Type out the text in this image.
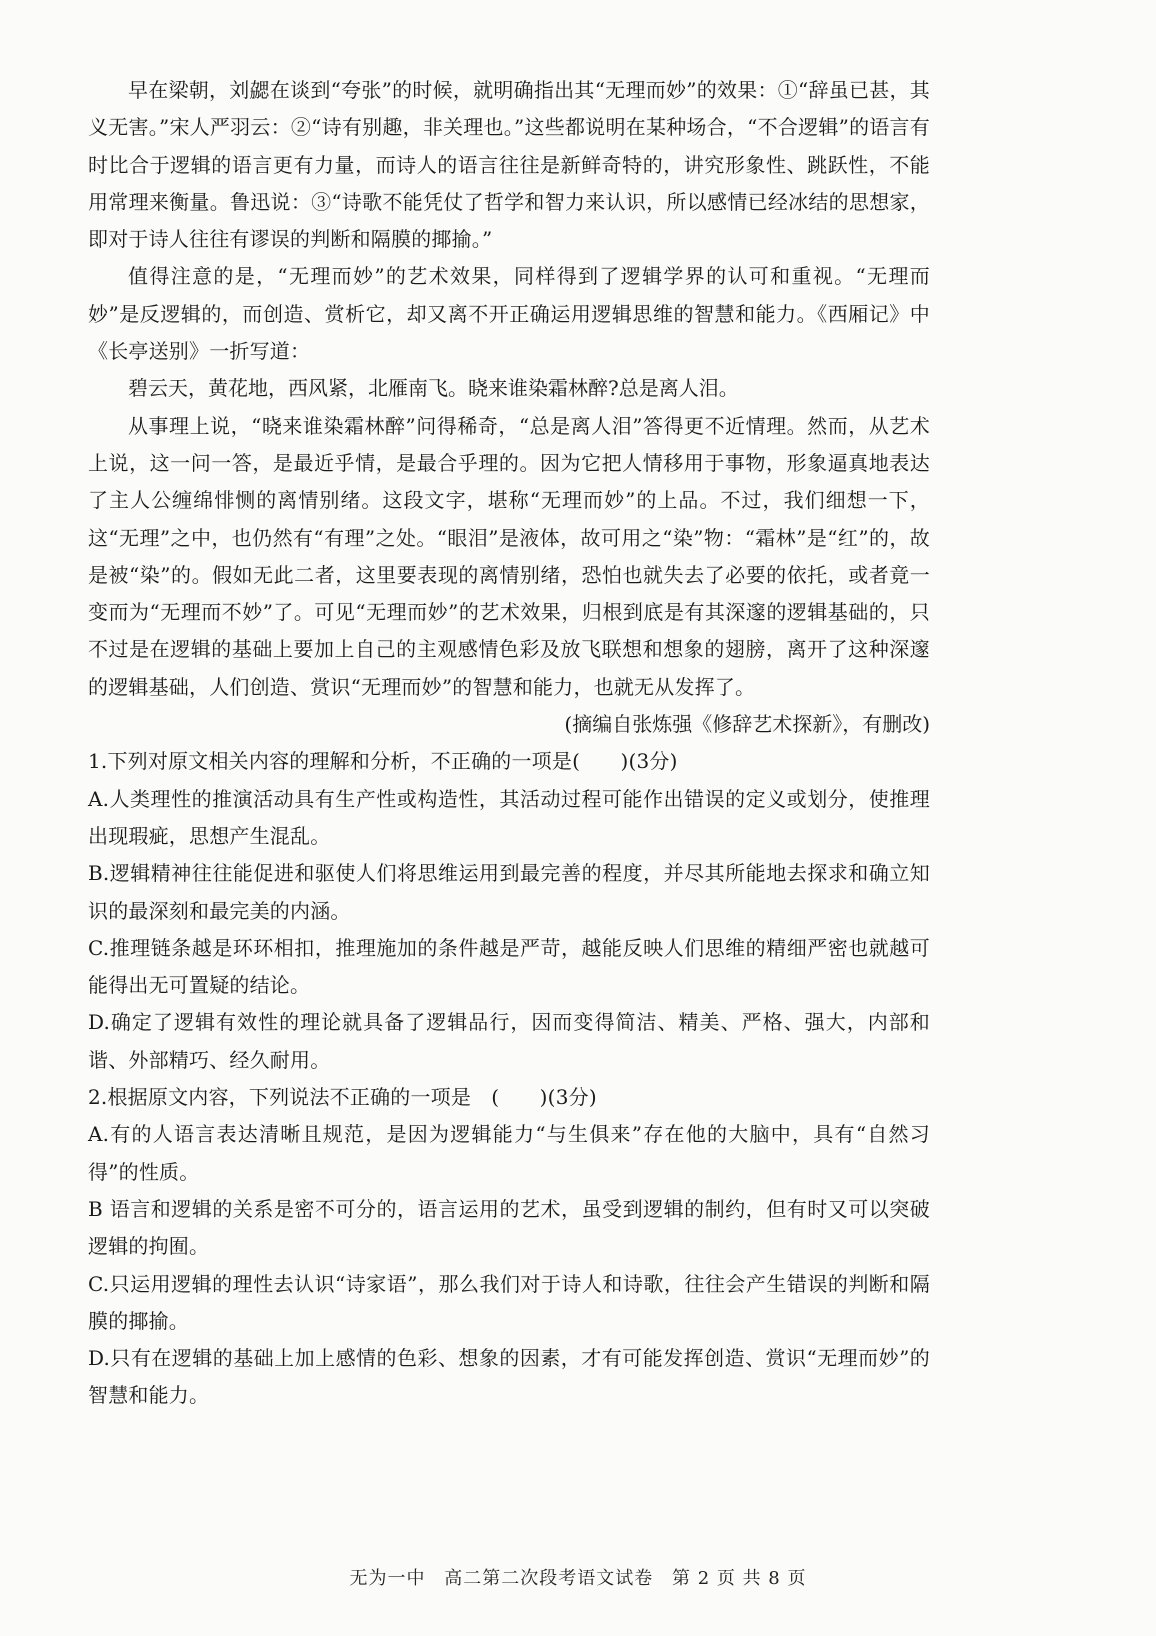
早在梁朝，刘勰在谈到“夸张”的时候，就明确指出其“无理而妙”的效果：①“辞虽已甚，其义无害。”宋人严羽云：②“诗有别趣，非关理也。”这些都说明在某种场合，“不合逻辑”的语言有时比合于逻辑的语言更有力量，而诗人的语言往往是新鲜奇特的，讲究形象性、跳跃性，不能用常理来衡量。鲁迅说：③“诗歌不能凭仗了哲学和智力来认识，所以感情已经冰结的思想家，即对于诗人往往有谬误的判断和隔膜的揶揄。”

值得注意的是，“无理而妙”的艺术效果，同样得到了逻辑学界的认可和重视。“无理而妙”是反逻辑的，而创造、赏析它，却又离不开正确运用逻辑思维的智慧和能力。《西厢记》中《长亭送别》一折写道：

碧云天，黄花地，西风紧，北雁南飞。晓来谁染霜林醉?总是离人泪。

从事理上说，“晓来谁染霜林醉”问得稀奇，“总是离人泪”答得更不近情理。然而，从艺术上说，这一问一答，是最近乎情，是最合乎理的。因为它把人情移用于事物，形象逼真地表达了主人公缠绵悱恻的离情别绪。这段文字，堪称“无理而妙”的上品。不过，我们细想一下，这“无理”之中，也仍然有“有理”之处。“眼泪”是液体，故可用之“染”物：“霜林”是“红”的，故是被“染”的。假如无此二者，这里要表现的离情别绪，恐怕也就失去了必要的依托，或者竟一变而为“无理而不妙”了。可见“无理而妙”的艺术效果，归根到底是有其深邃的逻辑基础的，只不过是在逻辑的基础上要加上自己的主观感情色彩及放飞联想和想象的翅膀，离开了这种深邃的逻辑基础，人们创造、赏识“无理而妙”的智慧和能力，也就无从发挥了。

(摘编自张炼强《修辞艺术探新》，有删改)

1.下列对原文相关内容的理解和分析，不正确的一项是(　　)(3分)

A.人类理性的推演活动具有生产性或构造性，其活动过程可能作出错误的定义或划分，使推理出现瑕疵，思想产生混乱。

B.逻辑精神往往能促进和驱使人们将思维运用到最完善的程度，并尽其所能地去探求和确立知识的最深刻和最完美的内涵。

C.推理链条越是环环相扣，推理施加的条件越是严苛，越能反映人们思维的精细严密也就越可能得出无可置疑的结论。

D.确定了逻辑有效性的理论就具备了逻辑品行，因而变得简洁、精美、严格、强大，内部和谐、外部精巧、经久耐用。

2.根据原文内容，下列说法不正确的一项是　(　　)(3分)

A.有的人语言表达清晰且规范，是因为逻辑能力“与生俱来”存在他的大脑中，具有“自然习得”的性质。

B 语言和逻辑的关系是密不可分的，语言运用的艺术，虽受到逻辑的制约，但有时又可以突破逻辑的拘囿。

C.只运用逻辑的理性去认识“诗家语”，那么我们对于诗人和诗歌，往往会产生错误的判断和隔膜的揶揄。

D.只有在逻辑的基础上加上感情的色彩、想象的因素，才有可能发挥创造、赏识“无理而妙”的智慧和能力。

无为一中 高二第二次段考语文试卷 第 2 页 共 8 页
